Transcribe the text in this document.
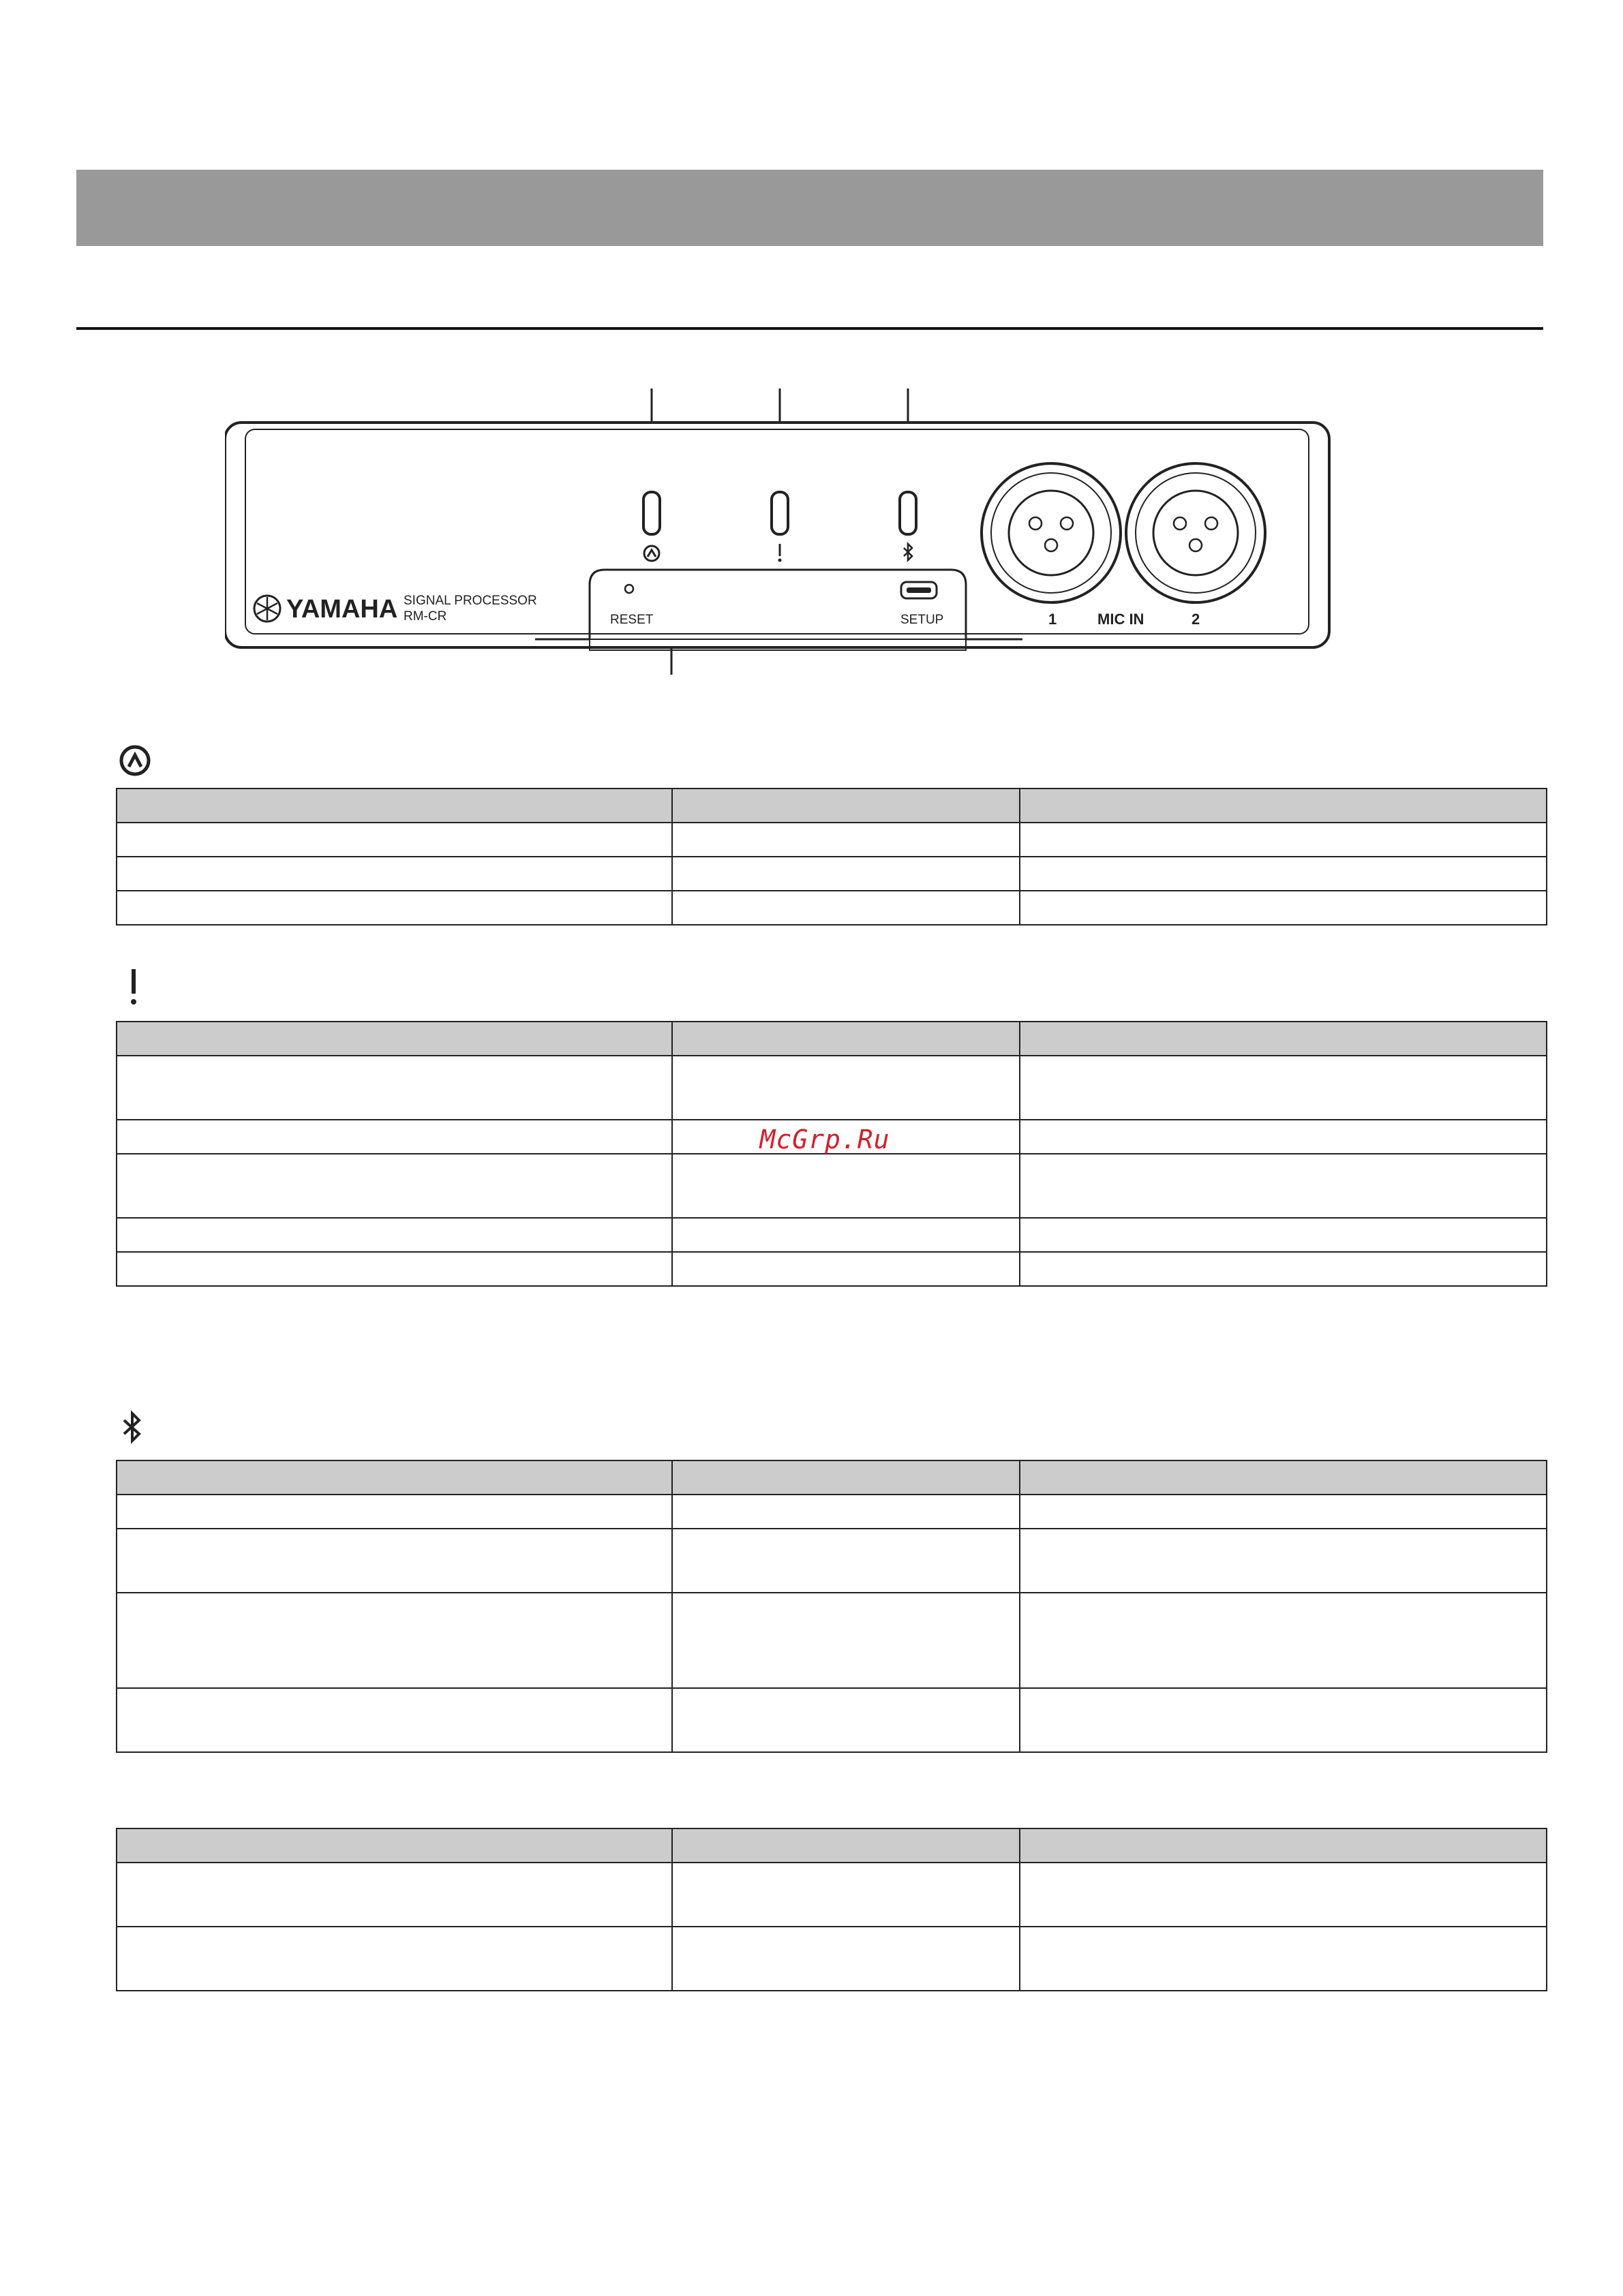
YAMAHA SIGNAL PROCESSOR
RM-CR	RESET	SETUP	1	MIC IN	2

McGrp.Ru
